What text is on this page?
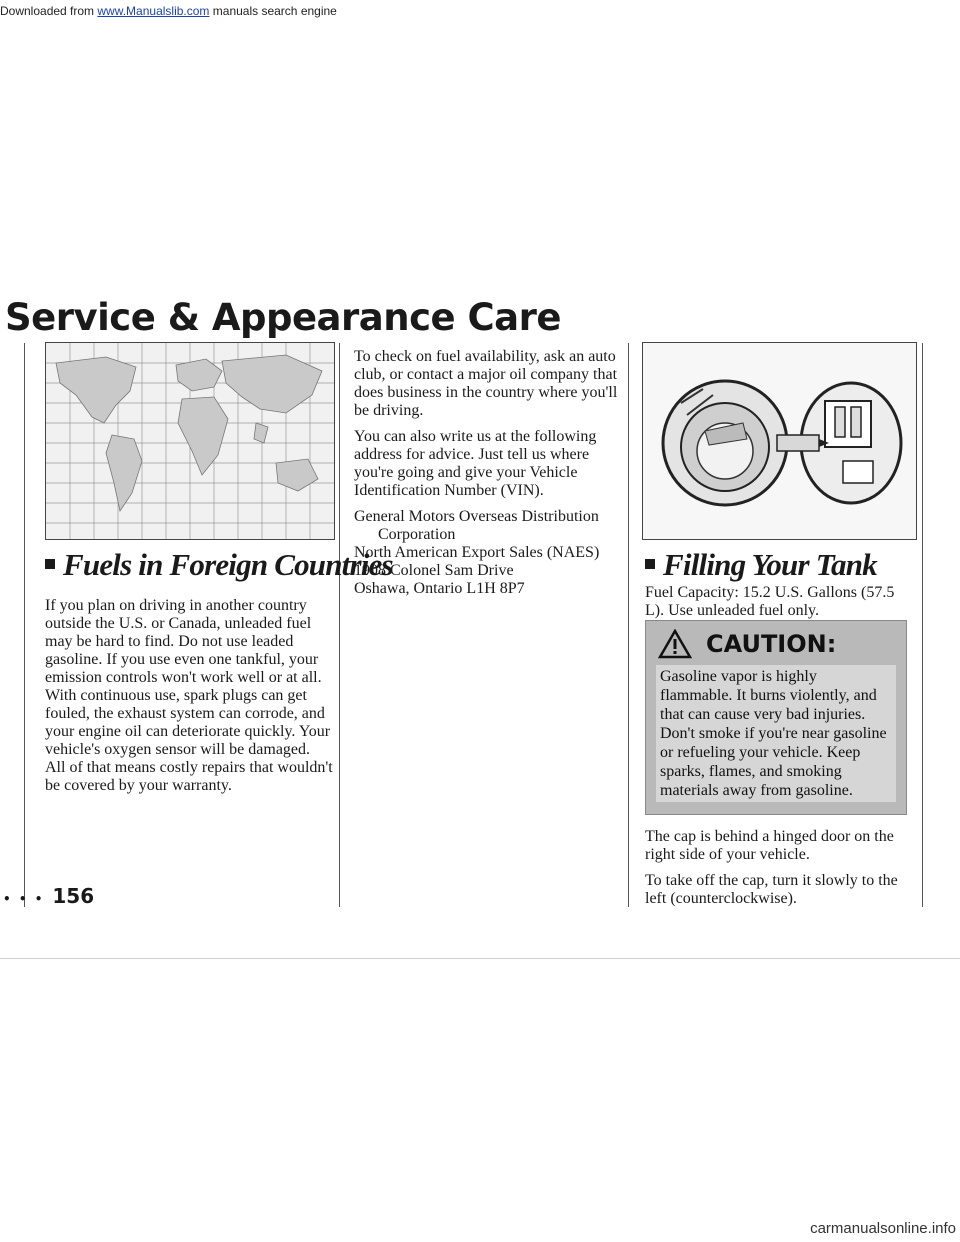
Downloaded from www.Manualslib.com manuals search engine
Service & Appearance Care
Fuels in Foreign Countries

If you plan on driving in another country outside the U.S. or Canada, unleaded fuel may be hard to find. Do not use leaded gasoline. If you use even one tankful, your emission controls won't work well or at all. With continuous use, spark plugs can get fouled, the exhaust system can corrode, and your engine oil can deteriorate quickly. Your vehicle's oxygen sensor will be damaged. All of that means costly repairs that wouldn't be covered by your warranty.

To check on fuel availability, ask an auto club, or contact a major oil company that does business in the country where you'll be driving.

You can also write us at the following address for advice. Just tell us where you're going and give your Vehicle Identification Number (VIN).

General Motors Overseas Distribution
Corporation
North American Export Sales (NAES)
1908 Colonel Sam Drive
Oshawa, Ontario L1H 8P7
Filling Your Tank

Fuel Capacity: 15.2 U.S. Gallons (57.5 L). Use unleaded fuel only.

CAUTION:
Gasoline vapor is highly flammable. It burns violently, and that can cause very bad injuries. Don't smoke if you're near gasoline or refueling your vehicle. Keep sparks, flames, and smoking materials away from gasoline.

The cap is behind a hinged door on the right side of your vehicle.

To take off the cap, turn it slowly to the left (counterclockwise).

• • • 156
carmanualsonline.info
